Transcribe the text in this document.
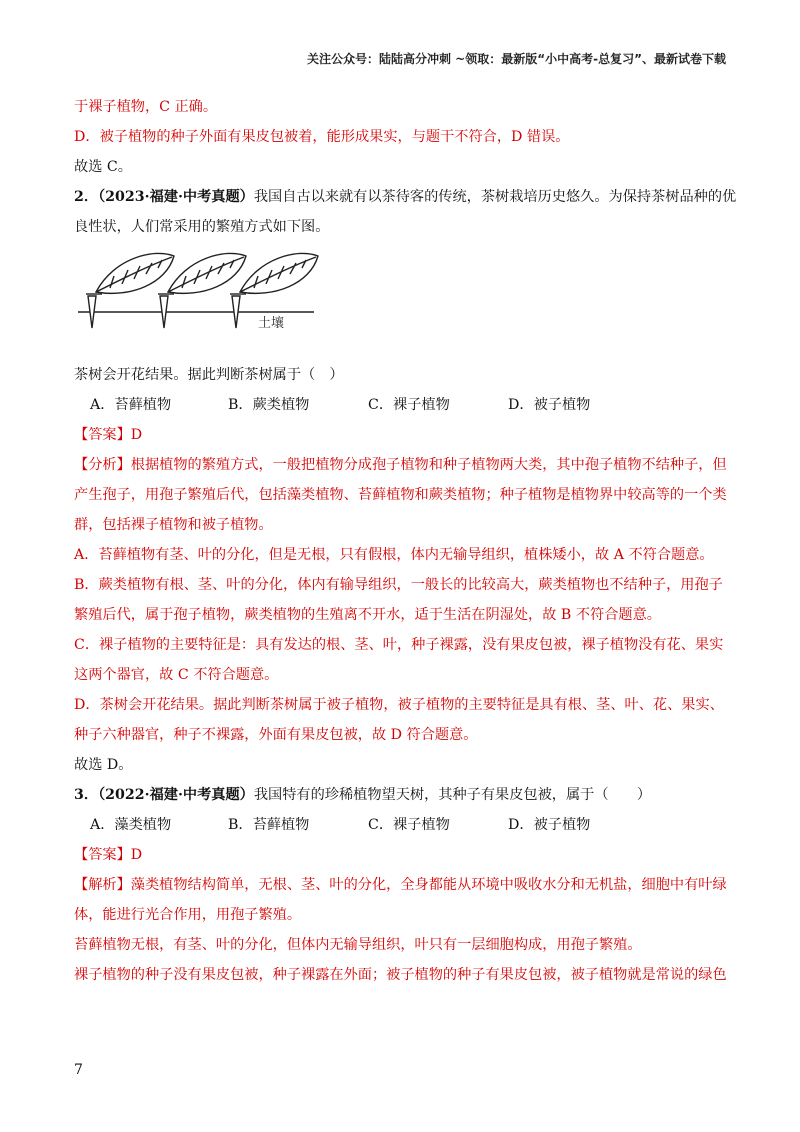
关注公众号：陆陆高分冲刺 ~领取：最新版“小中高考-总复习”、最新试卷下载
于裸子植物，C 正确。
D．被子植物的种子外面有果皮包被着，能形成果实，与题干不符合，D 错误。
故选 C。
2．（2023·福建·中考真题）我国自古以来就有以茶待客的传统，茶树栽培历史悠久。为保持茶树品种的优
良性状，人们常采用的繁殖方式如下图。
土壤
茶树会开花结果。据此判断茶树属于（　）
A．苔藓植物	B．蕨类植物	C．裸子植物	D．被子植物
【答案】D
【分析】根据植物的繁殖方式，一般把植物分成孢子植物和种子植物两大类，其中孢子植物不结种子，但
产生孢子，用孢子繁殖后代，包括藻类植物、苔藓植物和蕨类植物；种子植物是植物界中较高等的一个类
群，包括裸子植物和被子植物。
A．苔藓植物有茎、叶的分化，但是无根，只有假根，体内无输导组织，植株矮小，故 A 不符合题意。
B．蕨类植物有根、茎、叶的分化，体内有输导组织，一般长的比较高大，蕨类植物也不结种子，用孢子
繁殖后代，属于孢子植物，蕨类植物的生殖离不开水，适于生活在阴湿处，故 B 不符合题意。
C．裸子植物的主要特征是：具有发达的根、茎、叶，种子裸露，没有果皮包被，裸子植物没有花、果实
这两个器官，故 C 不符合题意。
D．茶树会开花结果。据此判断茶树属于被子植物，被子植物的主要特征是具有根、茎、叶、花、果实、
种子六种器官，种子不裸露，外面有果皮包被，故 D 符合题意。
故选 D。
3．（2022·福建·中考真题）我国特有的珍稀植物望天树，其种子有果皮包被，属于（　　）
A．藻类植物	B．苔藓植物	C．裸子植物	D．被子植物
【答案】D
【解析】藻类植物结构简单，无根、茎、叶的分化，全身都能从环境中吸收水分和无机盐，细胞中有叶绿
体，能进行光合作用，用孢子繁殖。
苔藓植物无根，有茎、叶的分化，但体内无输导组织，叶只有一层细胞构成，用孢子繁殖。
裸子植物的种子没有果皮包被，种子裸露在外面；被子植物的种子有果皮包被，被子植物就是常说的绿色
7
